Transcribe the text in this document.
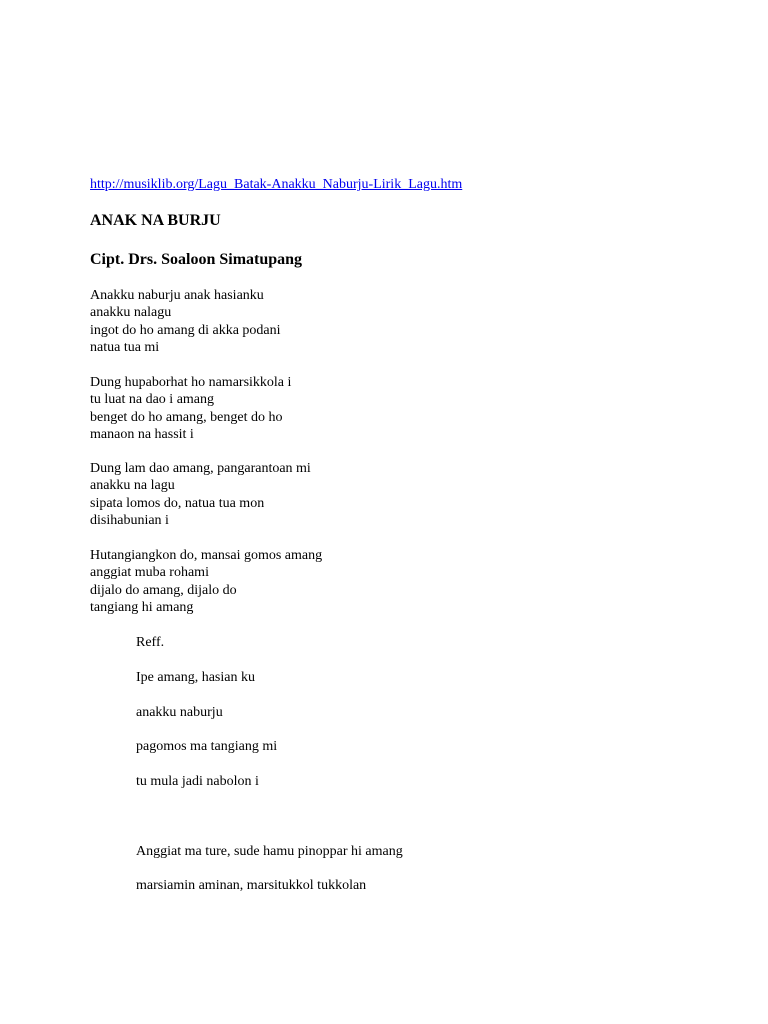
http://musiklib.org/Lagu_Batak-Anakku_Naburju-Lirik_Lagu.htm
ANAK NA BURJU
Cipt. Drs. Soaloon Simatupang

Anakku naburju anak hasianku
anakku nalagu
ingot do ho amang di akka podani
natua tua mi

Dung hupaborhat ho namarsikkola i
tu luat na dao i amang
benget do ho amang, benget do ho
manaon na hassit i

Dung lam dao amang, pangarantoan mi
anakku na lagu
sipata lomos do, natua tua mon
disihabunian i

Hutangiangkon do, mansai gomos amang
anggiat muba rohami
dijalo do amang, dijalo do
tangiang hi amang

Reff.
Ipe amang, hasian ku
anakku naburju
pagomos ma tangiang mi
tu mula jadi nabolon i
Anggiat ma ture, sude hamu pinoppar hi amang
marsiamin aminan, marsitukkol tukkolan
